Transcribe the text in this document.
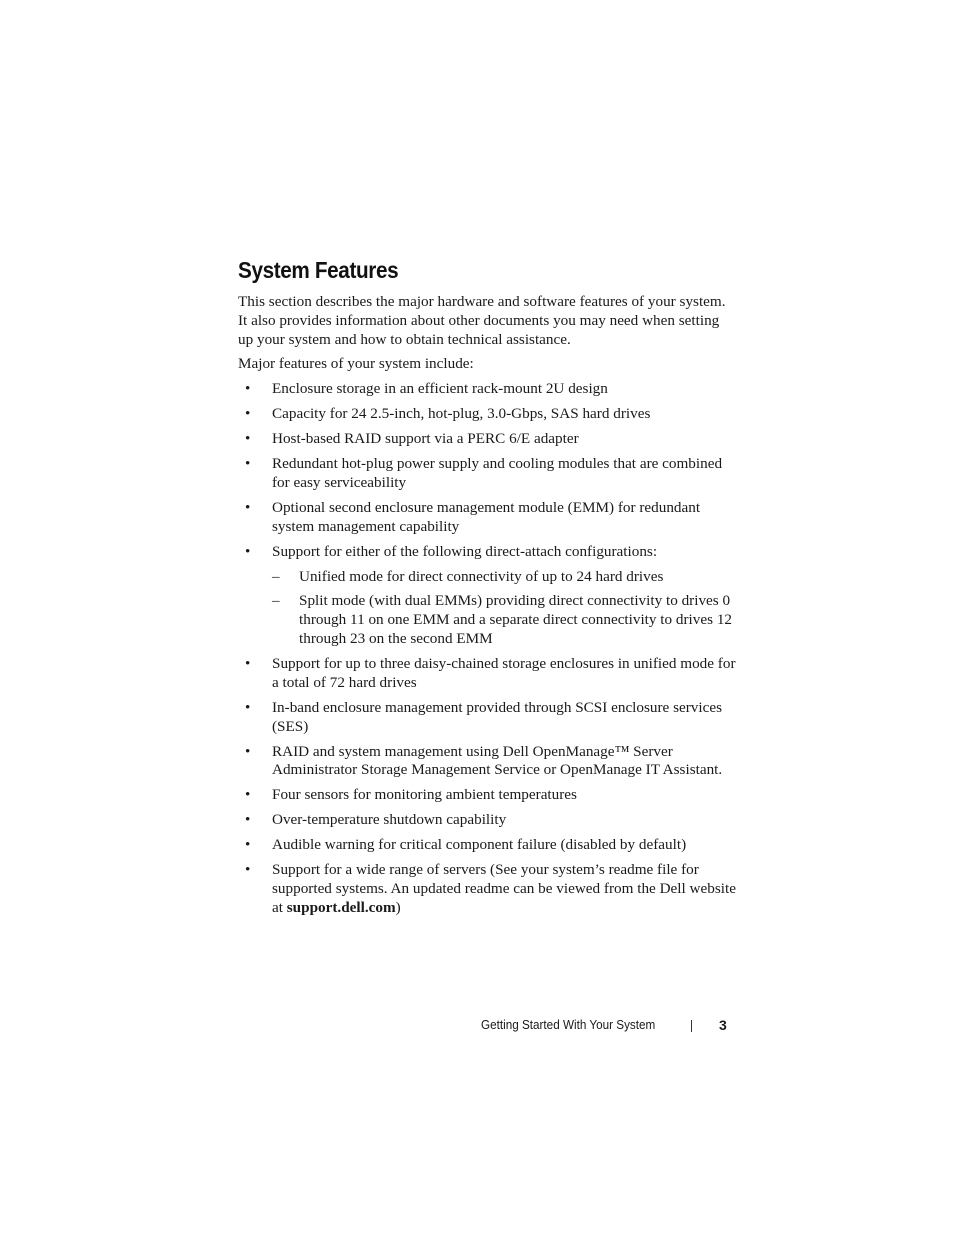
System Features

This section describes the major hardware and software features of your system. It also provides information about other documents you may need when setting up your system and how to obtain technical assistance.

Major features of your system include:

• Enclosure storage in an efficient rack-mount 2U design
• Capacity for 24 2.5-inch, hot-plug, 3.0-Gbps, SAS hard drives
• Host-based RAID support via a PERC 6/E adapter
• Redundant hot-plug power supply and cooling modules that are combined for easy serviceability
• Optional second enclosure management module (EMM) for redundant system management capability
• Support for either of the following direct-attach configurations:
– Unified mode for direct connectivity of up to 24 hard drives
– Split mode (with dual EMMs) providing direct connectivity to drives 0 through 11 on one EMM and a separate direct connectivity to drives 12 through 23 on the second EMM
• Support for up to three daisy-chained storage enclosures in unified mode for a total of 72 hard drives
• In-band enclosure management provided through SCSI enclosure services (SES)
• RAID and system management using Dell OpenManage™ Server Administrator Storage Management Service or OpenManage IT Assistant.
• Four sensors for monitoring ambient temperatures
• Over-temperature shutdown capability
• Audible warning for critical component failure (disabled by default)
• Support for a wide range of servers (See your system’s readme file for supported systems. An updated readme can be viewed from the Dell website at support.dell.com)
Getting Started With Your System	3
